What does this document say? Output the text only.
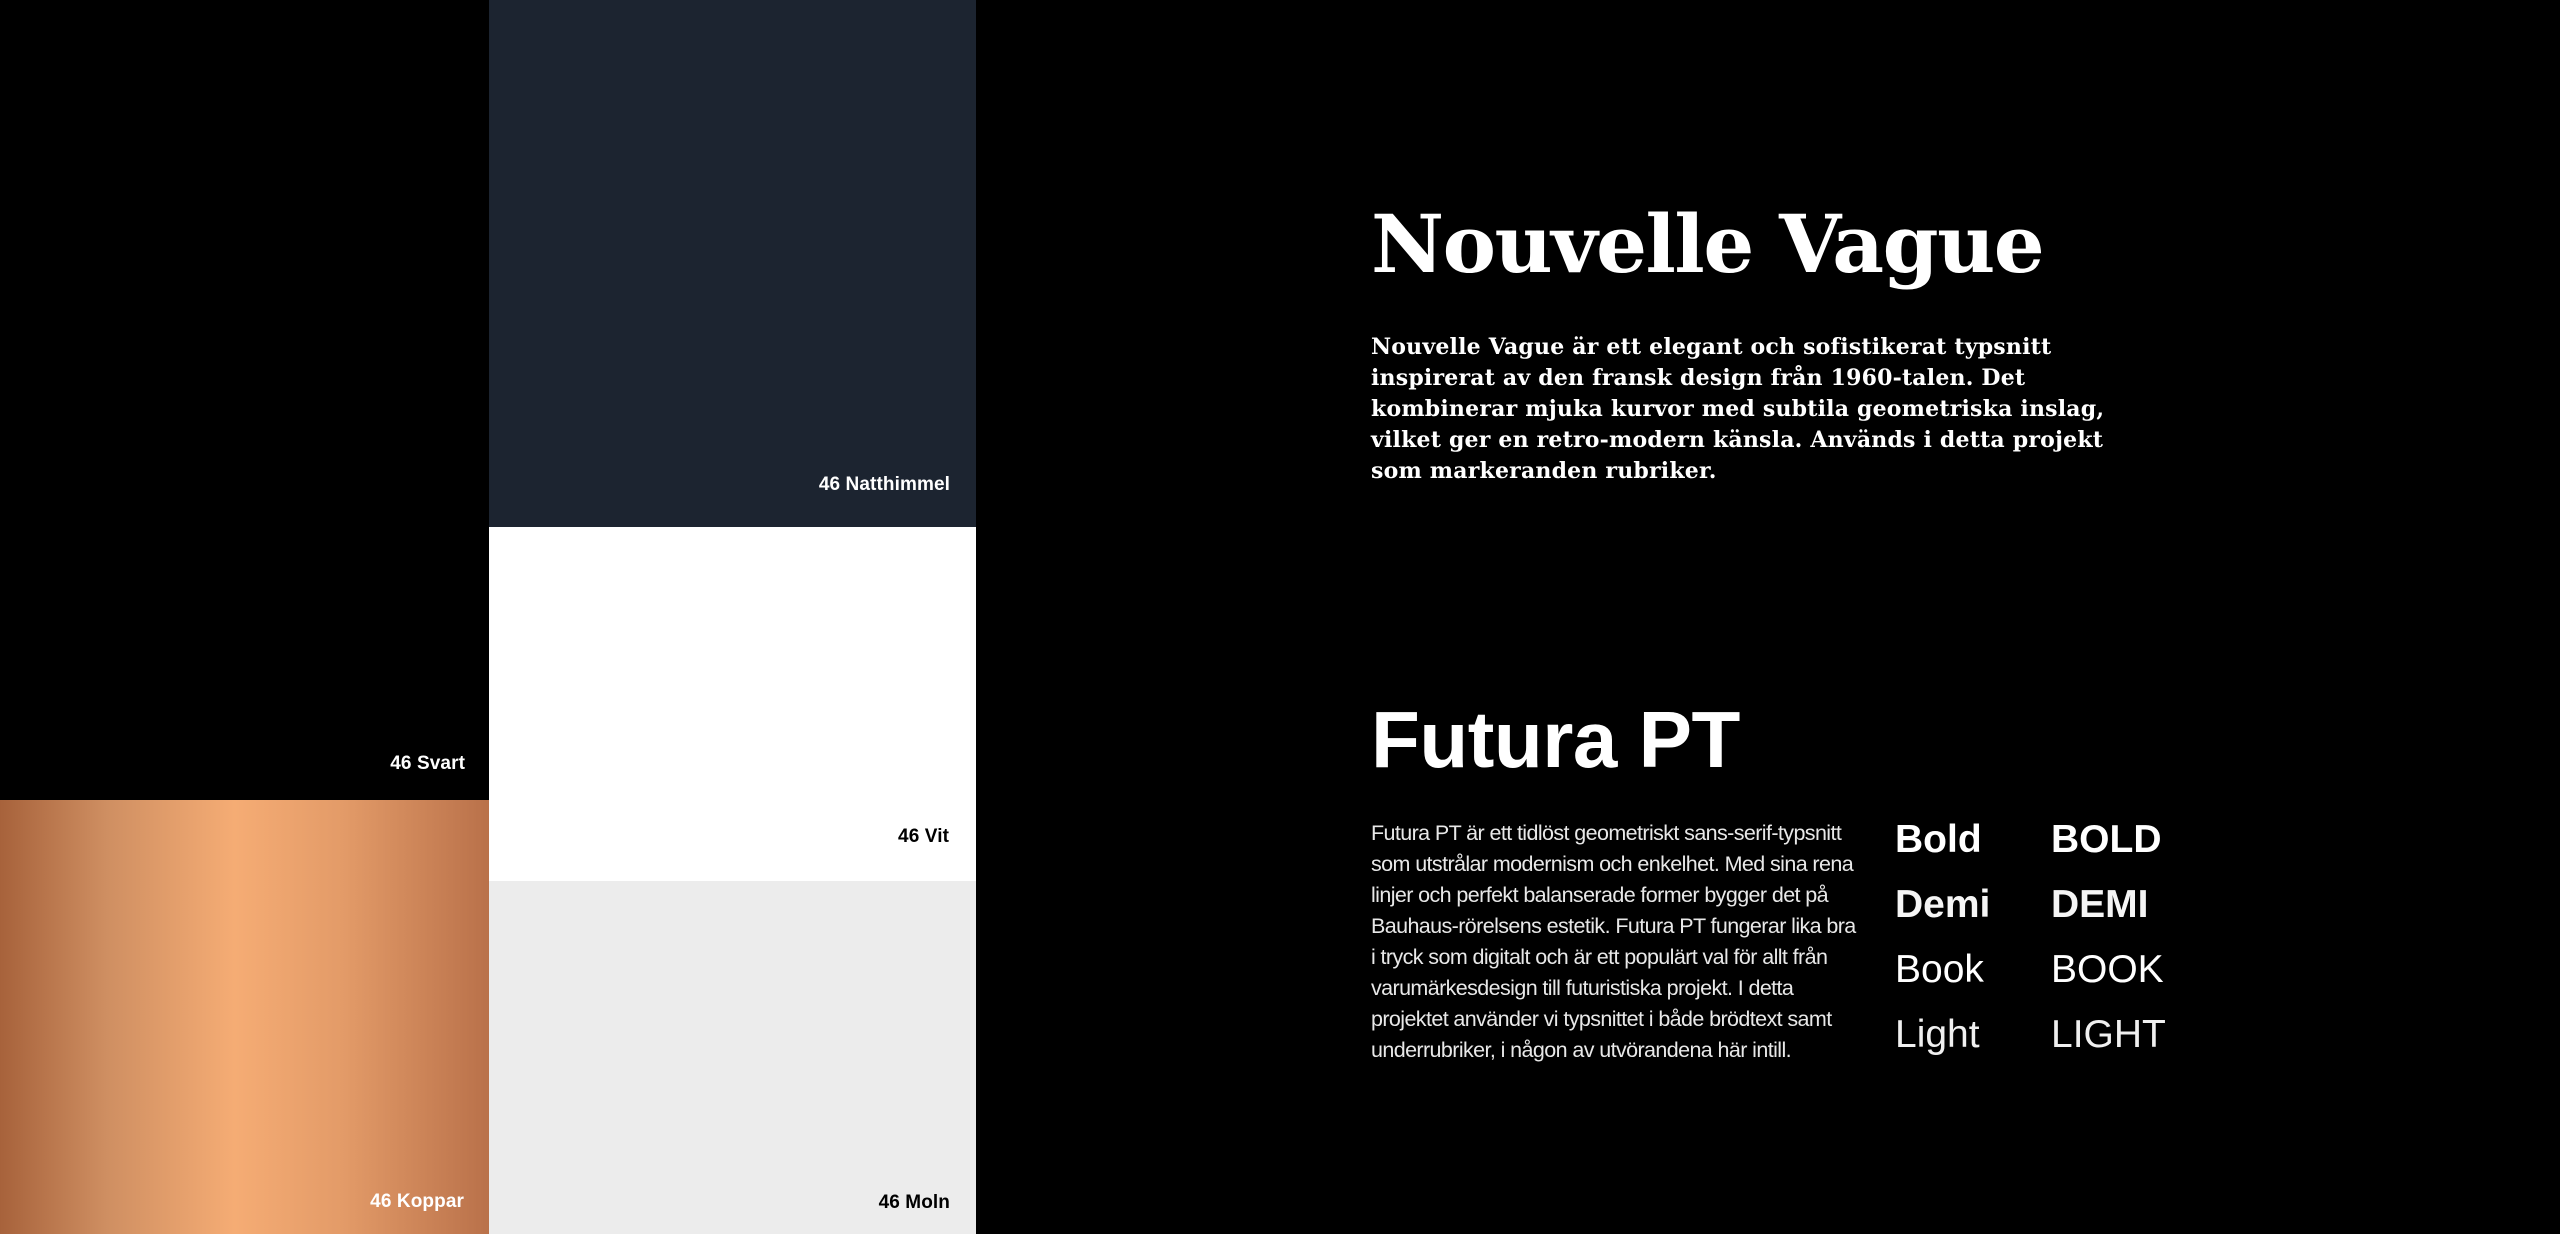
46 Svart
46 Koppar
46 Natthimmel
46 Vit
46 Moln
Nouvelle Vague

Nouvelle Vague är ett elegant och sofistikerat typsnitt inspirerat av den fransk design från 1960-talen. Det kombinerar mjuka kurvor med subtila geometriska inslag, vilket ger en retro-modern känsla. Används i detta projekt som markeranden rubriker.

Futura PT

Futura PT är ett tidlöst geometriskt sans-serif-typsnitt som utstrålar modernism och enkelhet. Med sina rena linjer och perfekt balanserade former bygger det på Bauhaus-rörelsens estetik. Futura PT fungerar lika bra i tryck som digitalt och är ett populärt val för allt från varumärkesdesign till futuristiska projekt. I detta projektet använder vi typsnittet i både brödtext samt underrubriker, i någon av utvörandena här intill.

Bold BOLD
Demi DEMI
Book BOOK
Light LIGHT
